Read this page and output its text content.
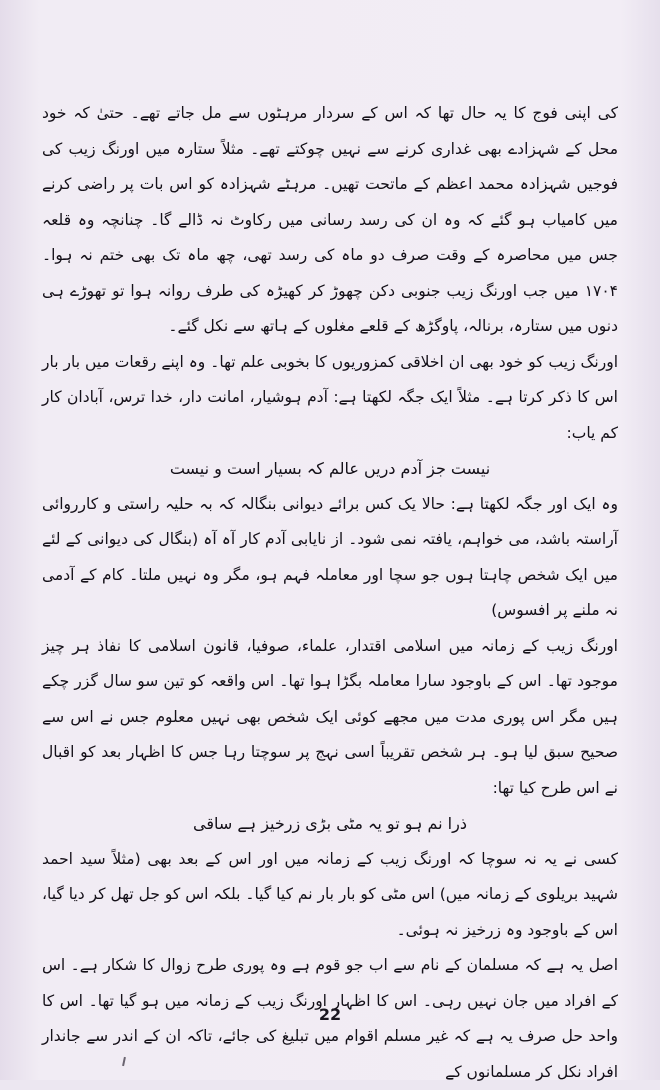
کی اپنی فوج کا یہ حال تھا کہ اس کے سردار مرہٹوں سے مل جاتے تھے۔ حتیٰ کہ خود محل کے شہزادے بھی غداری کرنے سے نہیں چوکتے تھے۔ مثلاً ستارہ میں اورنگ زیب کی فوجیں شہزادہ محمد اعظم کے ماتحت تھیں۔ مرہٹے شہزادہ کو اس بات پر راضی کرنے میں کامیاب ہو گئے کہ وہ ان کی رسد رسانی میں رکاوٹ نہ ڈالے گا۔ چنانچہ وہ قلعہ جس میں محاصرہ کے وقت صرف دو ماہ کی رسد تھی، چھ ماہ تک بھی ختم نہ ہوا۔ ۱۷۰۴ میں جب اورنگ زیب جنوبی دکن چھوڑ کر کھیڑہ کی طرف روانہ ہوا تو تھوڑے ہی دنوں میں ستارہ، برنالہ، پاوگڑھ کے قلعے مغلوں کے ہاتھ سے نکل گئے۔

اورنگ زیب کو خود بھی ان اخلاقی کمزوریوں کا بخوبی علم تھا۔ وہ اپنے رقعات میں بار بار اس کا ذکر کرتا ہے۔ مثلاً ایک جگہ لکھتا ہے: آدم ہوشیار، امانت دار، خدا ترس، آبادان کار کم یاب:

نیست جز آدم دریں عالم کہ بسیار است و نیست

وہ ایک اور جگہ لکھتا ہے: حالا یک کس برائے دیوانی بنگالہ کہ بہ حلیہ راستی و کارروائی آراستہ باشد، می خواہم، یافتہ نمی شود۔ از نایابی آدم کار آہ آہ (بنگال کی دیوانی کے لئے میں ایک شخص چاہتا ہوں جو سچا اور معاملہ فہم ہو، مگر وہ نہیں ملتا۔ کام کے آدمی نہ ملنے پر افسوس)

اورنگ زیب کے زمانہ میں اسلامی اقتدار، علماء، صوفیا، قانون اسلامی کا نفاذ ہر چیز موجود تھا۔ اس کے باوجود سارا معاملہ بگڑا ہوا تھا۔ اس واقعہ کو تین سو سال گزر چکے ہیں مگر اس پوری مدت میں مجھے کوئی ایک شخص بھی نہیں معلوم جس نے اس سے صحیح سبق لیا ہو۔ ہر شخص تقریباً اسی نہج پر سوچتا رہا جس کا اظہار بعد کو اقبال نے اس طرح کیا تھا:

ذرا نم ہو تو یہ مٹی بڑی زرخیز ہے ساقی

کسی نے یہ نہ سوچا کہ اورنگ زیب کے زمانہ میں اور اس کے بعد بھی (مثلاً سید احمد شہید بریلوی کے زمانہ میں) اس مٹی کو بار بار نم کیا گیا۔ بلکہ اس کو جل تھل کر دیا گیا، اس کے باوجود وہ زرخیز نہ ہوئی۔

اصل یہ ہے کہ مسلمان کے نام سے اب جو قوم ہے وہ پوری طرح زوال کا شکار ہے۔ اس کے افراد میں جان نہیں رہی۔ اس کا اظہار اورنگ زیب کے زمانہ میں ہو گیا تھا۔ اس کا واحد حل صرف یہ ہے کہ غیر مسلم اقوام میں تبلیغ کی جائے، تاکہ ان کے اندر سے جاندار افراد نکل کر مسلمانوں کے

22
